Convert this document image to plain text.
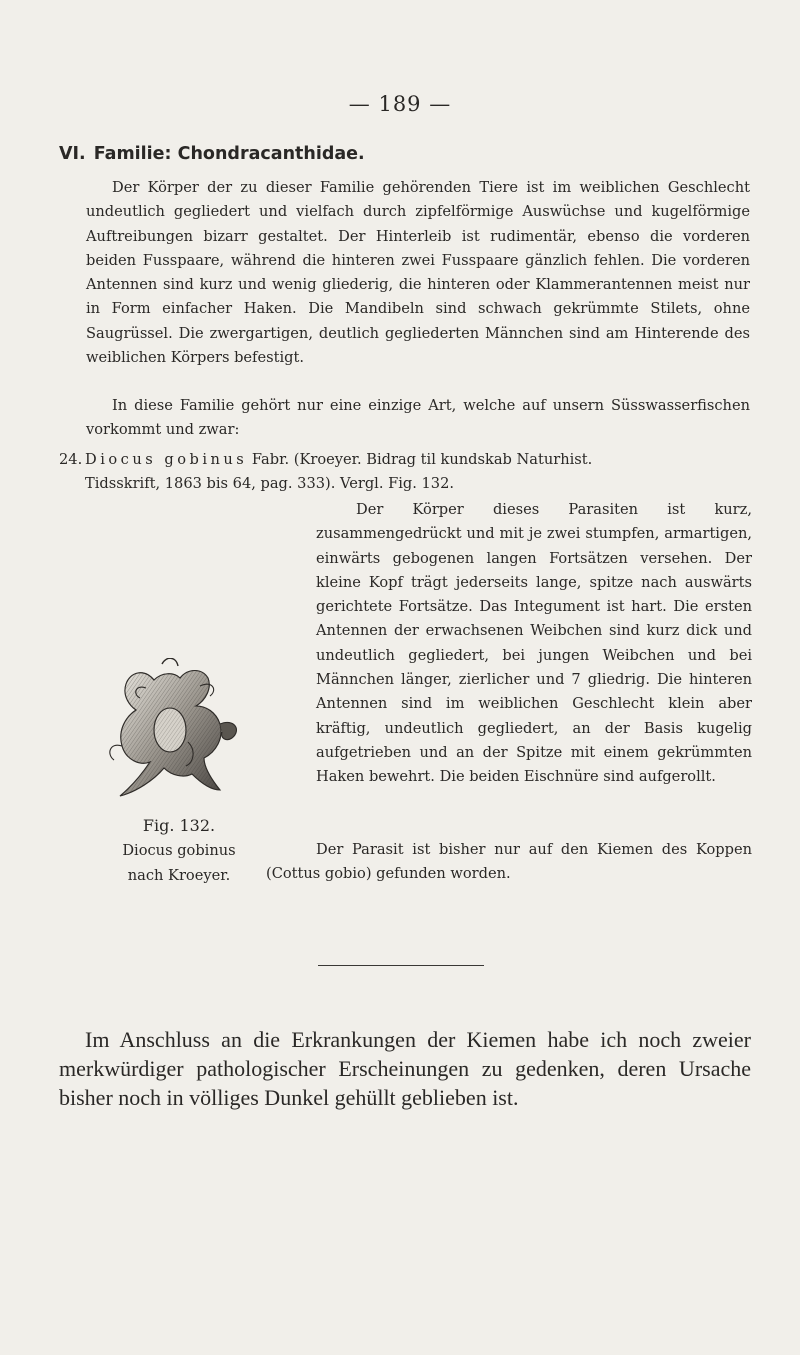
— 189 —
VI. Familie: Chondracanthidae.

Der Körper der zu dieser Familie gehörenden Tiere ist im weiblichen Geschlecht undeutlich gegliedert und vielfach durch zipfelförmige Auswüchse und kugelförmige Auftreibungen bizarr gestaltet. Der Hinterleib ist rudimentär, ebenso die vorderen beiden Fusspaare, während die hinteren zwei Fusspaare gänzlich fehlen. Die vorderen Antennen sind kurz und wenig gliederig, die hinteren oder Klammerantennen meist nur in Form einfacher Haken. Die Mandibeln sind schwach gekrümmte Stilets, ohne Saugrüssel. Die zwergartigen, deutlich gegliederten Männchen sind am Hinterende des weiblichen Körpers befestigt.

In diese Familie gehört nur eine einzige Art, welche auf unsern Süsswasserfischen vorkommt und zwar:

24. Diocus gobinus Fabr. (Kroeyer. Bidrag til kundskab Naturhist.
Tidsskrift, 1863 bis 64, pag. 333). Vergl. Fig. 132.

Der Körper dieses Parasiten ist kurz, zusammengedrückt und mit je zwei stumpfen, armartigen, einwärts gebogenen langen Fortsätzen versehen. Der kleine Kopf trägt jederseits lange, spitze nach auswärts gerichtete Fortsätze. Das Integument ist hart. Die ersten Antennen der erwachsenen Weibchen sind kurz dick und undeutlich gegliedert, bei jungen Weibchen und bei Männchen länger, zierlicher und 7 gliedrig. Die hinteren Antennen sind im weiblichen Geschlecht klein aber kräftig, undeutlich gegliedert, an der Basis kugelig aufgetrieben und an der Spitze mit einem gekrümmten Haken bewehrt. Die beiden Eischnüre sind aufgerollt.

Fig. 132.
Diocus gobinus
nach Kroeyer.

Der Parasit ist bisher nur auf den Kiemen des Koppen (Cottus gobio) gefunden worden.

Im Anschluss an die Erkrankungen der Kiemen habe ich noch zweier merkwürdiger pathologischer Erscheinungen zu gedenken, deren Ursache bisher noch in völliges Dunkel gehüllt geblieben ist.
